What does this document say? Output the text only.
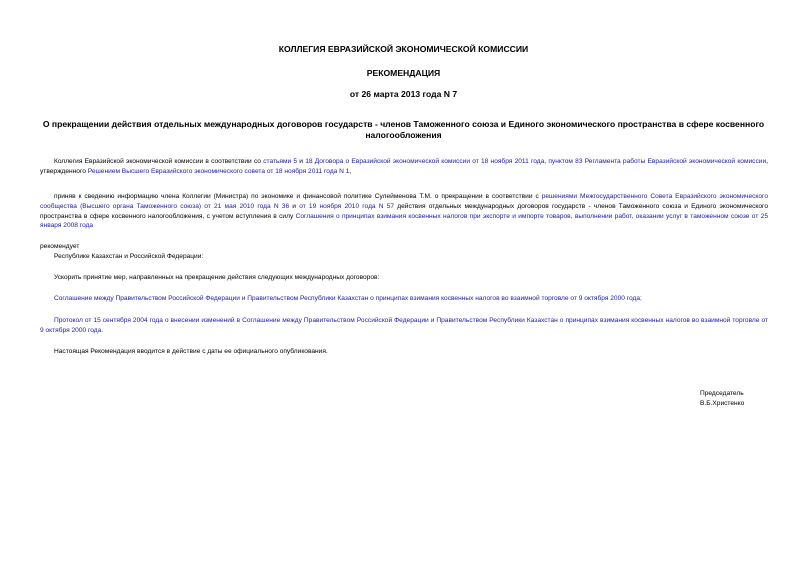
КОЛЛЕГИЯ ЕВРАЗИЙСКОЙ ЭКОНОМИЧЕСКОЙ КОМИССИИ
РЕКОМЕНДАЦИЯ
от 26 марта 2013 года N 7
О прекращении действия отдельных международных договоров государств - членов Таможенного союза и Единого экономического пространства в сфере косвенного налогообложения
Коллегия Евразийской экономической комиссии в соответствии со статьями 5 и 18 Договора о Евразийской экономической комиссии от 18 ноября 2011 года, пунктом 83 Регламента работы Евразийской экономической комиссии, утвержденного Решением Высшего Евразийского экономического совета от 18 ноября 2011 года N 1,
приняв к сведению информацию члена Коллегии (Министра) по экономике и финансовой политике Сулейменова Т.М. о прекращении в соответствии с решениями Межгосударственного Совета Евразийского экономического сообщества (Высшего органа Таможенного союза) от 21 мая 2010 года N 36 и от 19 ноября 2010 года N 57 действия отдельных международных договоров государств - членов Таможенного союза и Единого экономического пространства в сфере косвенного налогообложения, с учетом вступления в силу Соглашения о принципах взимания косвенных налогов при экспорте и импорте товаров, выполнении работ, оказании услуг в таможенном союзе от 25 января 2008 года
рекомендует
Республике Казахстан и Российской Федерации:
Ускорить принятие мер, направленных на прекращение действия следующих международных договоров:
Соглашение между Правительством Российской Федерации и Правительством Республики Казахстан о принципах взимания косвенных налогов во взаимной торговле от 9 октября 2000 года;
Протокол от 15 сентября 2004 года о внесении изменений в Соглашение между Правительством Российской Федерации и Правительством Республики Казахстан о принципах взимания косвенных налогов во взаимной торговле от 9 октября 2000 года.
Настоящая Рекомендация вводится в действие с даты ее официального опубликования.
Председатель
В.Б.Христенко
